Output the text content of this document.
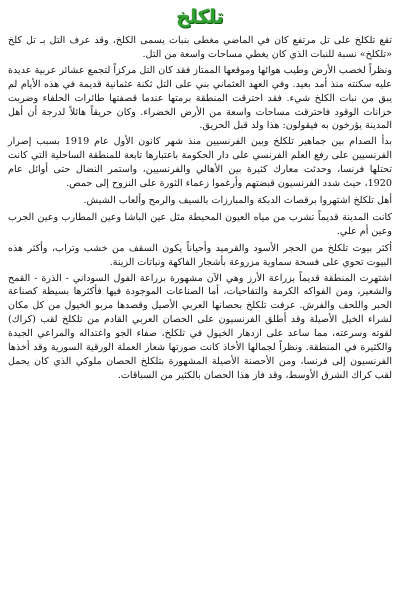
تلكلخ

تقع تلكلخ على تل مرتفع كان في الماضي مغطى بنبات يسمى الكلخ، وقد عرف التل بـ تل كلخ «تلكلخ» نسبة للنبات الذي كان يغطي مساحات واسعة من التل.

ونظراً لخصب الأرض وطيب هوائها وموقعها الممتاز فقد كان التل مركزاً لتجمع عشائر عربية عديدة عليه سكنته منذ أمد بعيد. وفي العهد العثماني بني على التل ثكنة عثمانية قديمة في هذه الأيام لم يبق من نبات الكلخ شيء. فقد احترقت المنطقة برمتها عندما قصفتها طائرات الحلفاء وضربت خزانات الوقود فاحترقت مساحات واسعة من الأرض الخضراء. وكان حريقاً هائلاً لدرجة أن أهل المدينة يؤرخون به فيقولون: هذا ولد قبل الحريق.

بدأ الصدام بين جماهير تلكلخ وبين الفرنسيين منذ شهر كانون الأول عام 1919 بسبب إصرار الفرنسيين على رفع العلم الفرنسي على دار الحكومة باعتبارها تابعة للمنطقة الساحلية التي كانت تحتلها فرنسا، وحدثت معارك كثيرة بين الأهالي والفرنسيين، واستمر النضال حتى أوائل عام 1920، حيث شدد الفرنسيون قبضتهم وأرغموا زعماء الثورة على النزوح إلى حمص.

أهل تلكلخ اشتهروا برقصات الدبكة والمبارزات بالسيف والرمح وألعاب الشيش.

كانت المدينة قديماً تشرب من مياه العيون المحيطة مثل عين الباشا وعين المطارب وعين الجرب وعين أم علي.

أكثر بيوت تلكلخ من الحجر الأسود والقرميد وأحياناً يكون السقف من خشب وتراب، وأكثر هذه البيوت تحوي على فسحة سماوية مزروعة بأشجار الفاكهة ونباتات الزينة.

اشتهرت المنطقة قديماً بزراعة الأرز وهي الآن مشهورة بزراعة الفول السوداني - الذرة - القمح والشعير، ومن الفواكه الكرمة والتفاحيات، أما الصناعات الموجودة فيها فأكثرها بسيطة كصناعة الحبر واللحف والفرش. عرفت تلكلخ بحصانها العربي الأصيل وقصدها مربو الخيول من كل مكان لشراء الخيل الأصيلة وقد أطلق الفرنسيون على الحصان العربي القادم من تلكلخ لقب (كراك) لقوته وسرعته، مما ساعد على ازدهار الخيول في تلكلخ، صفاء الجو واعتداله والمراعي الجيدة والكثيرة في المنطقة. ونظراً لجمالها الأخاذ كانت صورتها شعار العملة الورقية السورية وقد أخذها الفرنسيون إلى فرنسا، ومن الأحصنة الأصيلة المشهورة بتلكلخ الحصان ملوكي الذي كان يحمل لقب كراك الشرق الأوسط، وقد فاز هذا الحصان بالكثير من السباقات.
